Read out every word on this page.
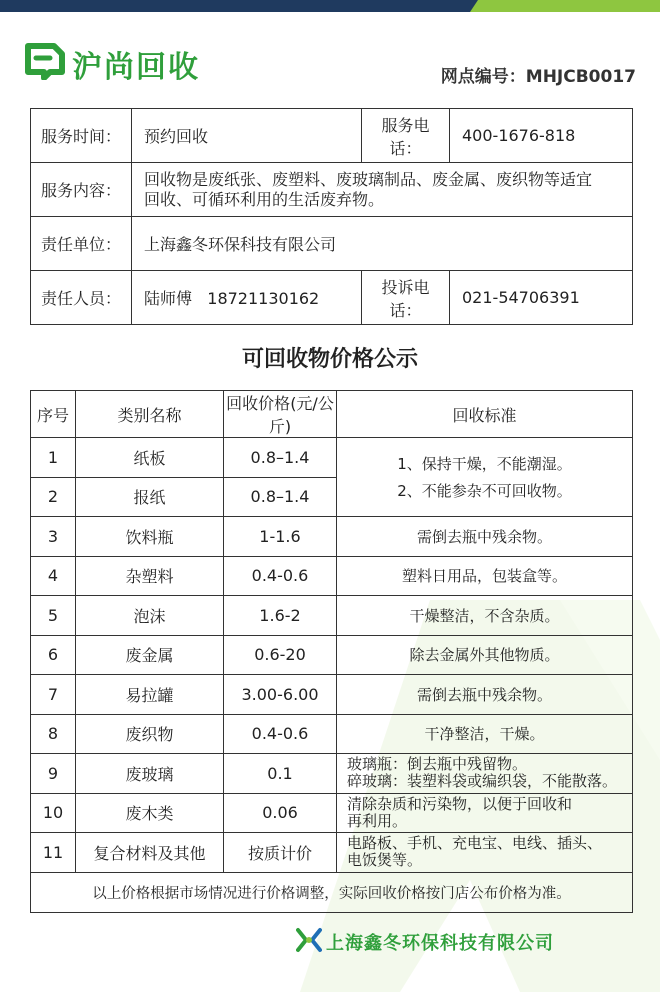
沪尚回收	网点编号：MHJCB0017
服务时间：	预约回收	服务电话：	400-1676-818
服务内容：	回收物是废纸张、废塑料、废玻璃制品、废金属、废织物等适宜
回收、可循环利用的生活废弃物。		

责任单位：	上海鑫冬环保科技有限公司		
责任人员：	陆师傅   18721130162	投诉电话：	021-54706391
可回收物价格公示
序号	类别名称	回收价格(元/公斤)	回收标准
1	纸板	0.8–1.4	1、保持干燥，不能潮湿。
2、不能参杂不可回收物。

2	报纸	0.8–1.4	
3	饮料瓶	1-1.6	需倒去瓶中残余物。
4	杂塑料	0.4-0.6	塑料日用品，包装盒等。
5	泡沫	1.6-2	干燥整洁，不含杂质。
6	废金属	0.6-20	除去金属外其他物质。
7	易拉罐	3.00-6.00	需倒去瓶中残余物。
8	废织物	0.4-0.6	干净整洁，干燥。
9	废玻璃	0.1	玻璃瓶：倒去瓶中残留物。
碎玻璃：装塑料袋或编织袋，不能散落。

10	废木类	0.06	清除杂质和污染物，以便于回收和
再利用。

11	复合材料及其他	按质计价	电路板、手机、充电宝、电线、插头、
电饭煲等。

以上价格根据市场情况进行价格调整，实际回收价格按门店公布价格为准。			
上海鑫冬环保科技有限公司
